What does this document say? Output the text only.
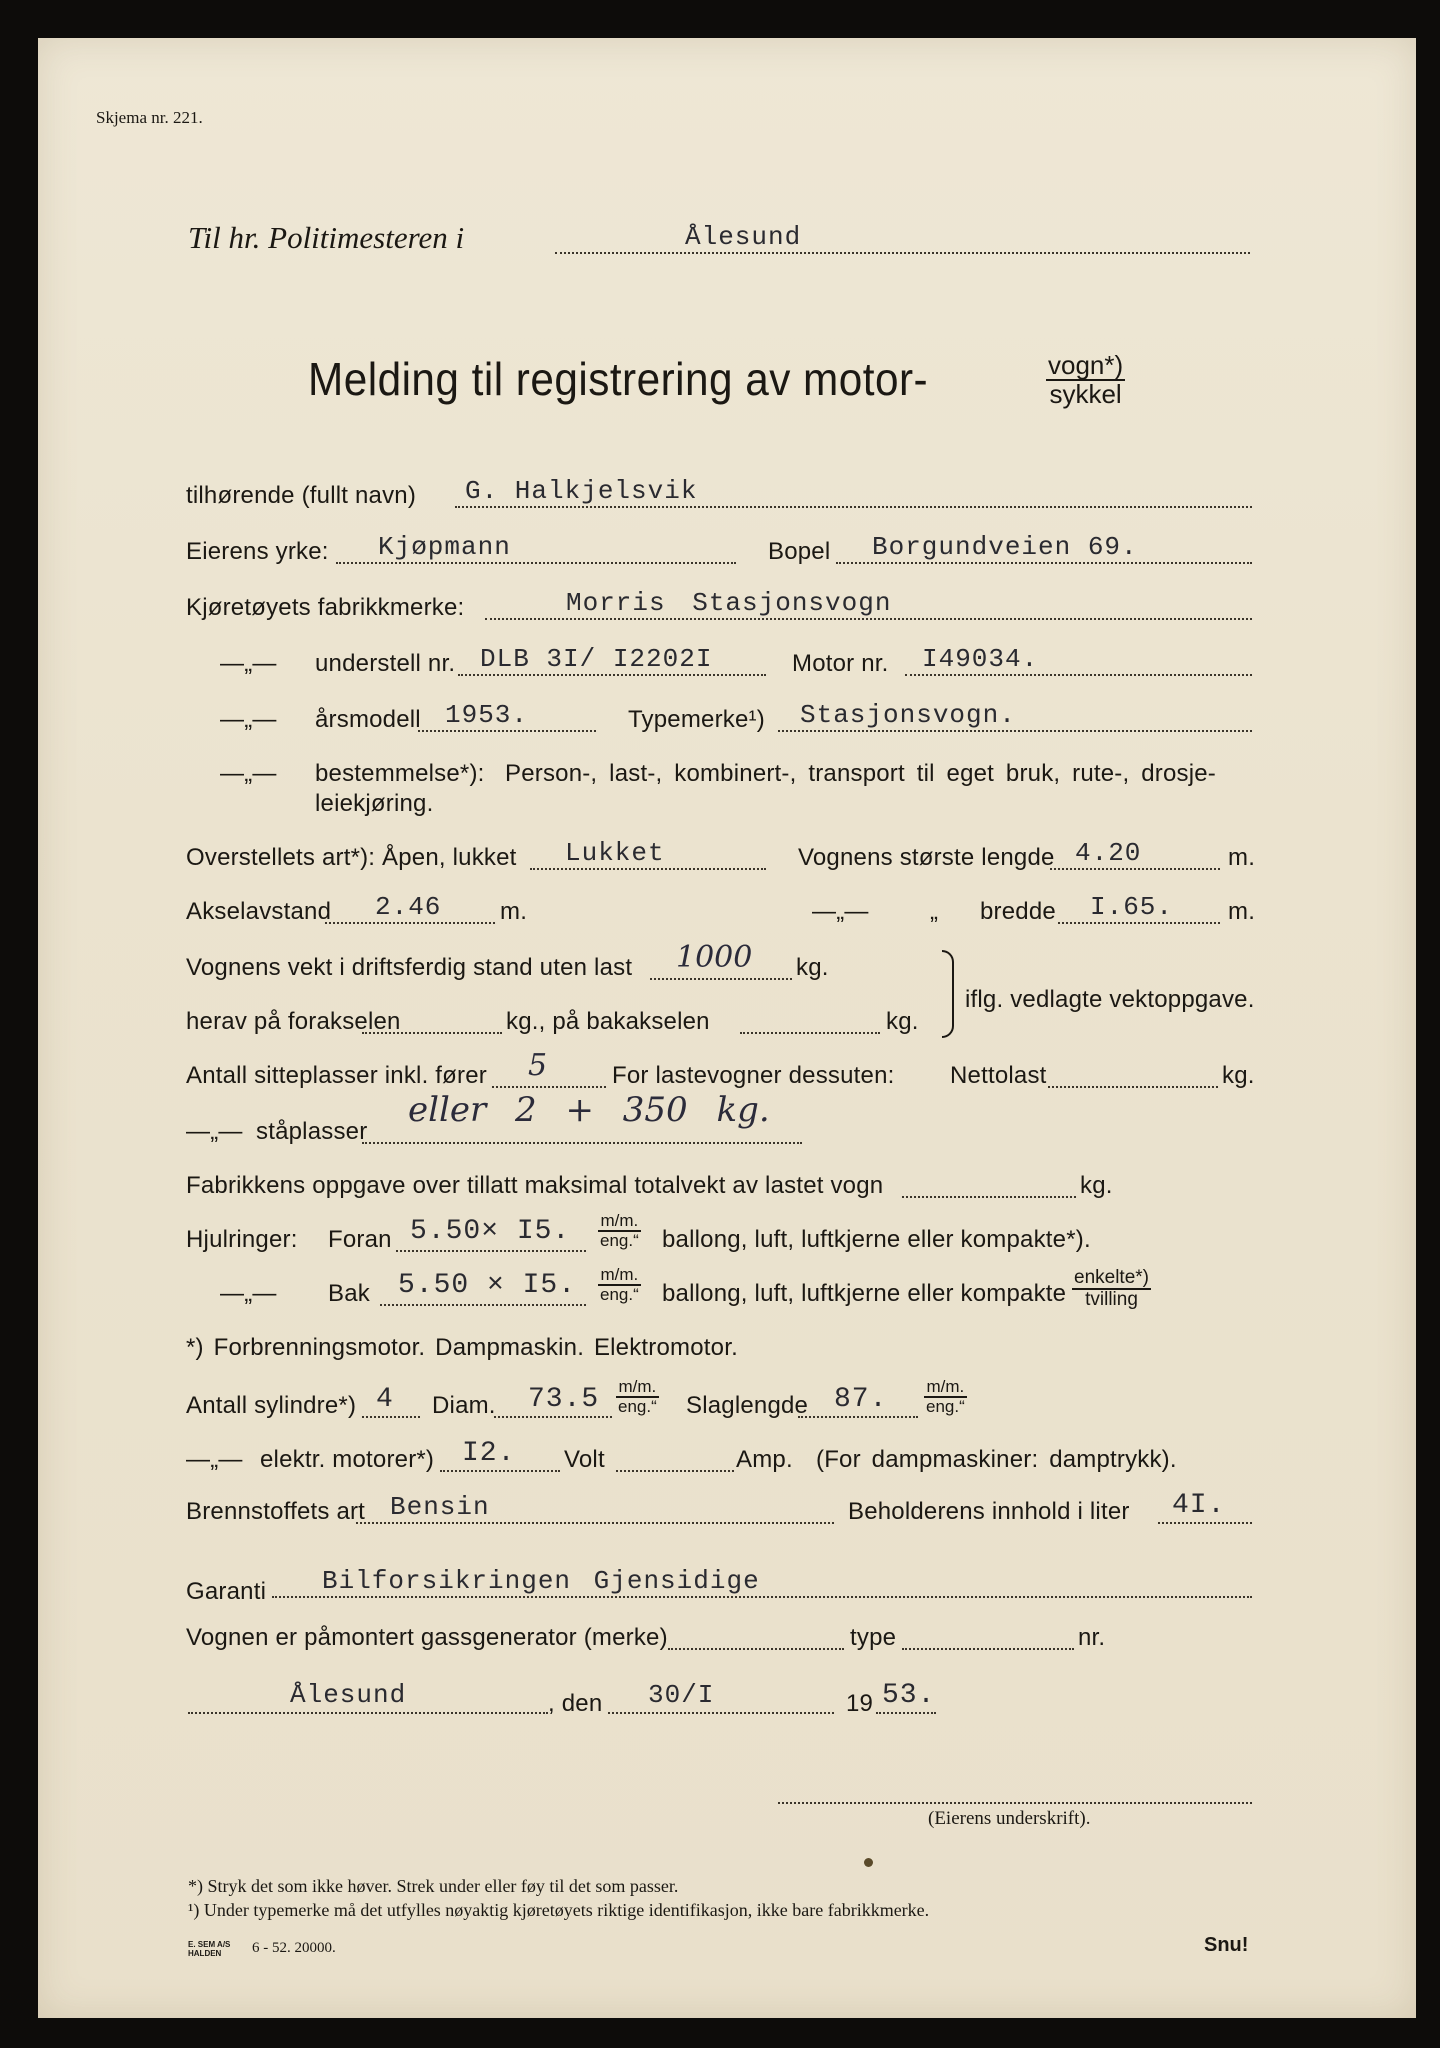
Skjema nr. 221.
Til hr. Politimesteren i	Ålesund
Melding til registrering av motor-	vogn*)
sykkel
tilhørende (fullt navn) G. Halkjelsvik
Eierens yrke: Kjøpmann	Bopel Borgundveien 69.
Kjøretøyets fabrikkmerke:	Morris Stasjonsvogn
—„— understell nr. DLB 3I/ I2202I	Motor nr. I49034.
—„— årsmodell 1953.	Typemerke¹) Stasjonsvogn.
—„— bestemmelse*): Person-, last-, kombinert-, transport til eget bruk, rute-, drosje-
leiekjøring.
Overstellets art*): Åpen, lukket Lukket	Vognens største lengde 4.20	m.
Akselavstand 2.46 m.	—„—	„ bredde I.65. m.
Vognens vekt i driftsferdig stand uten last 1000 kg.
herav på forakselen	kg., på bakakselen	kg.
iflg. vedlagte vektoppgave.
Antall sitteplasser inkl. fører 5	For lastevogner dessuten: Nettolast	kg.
—„— ståplasser
eller 2 + 350 kg.
Fabrikkens oppgave over tillatt maksimal totalvekt av lastet vogn	kg.
Hjulringer: Foran 5.50× I5. m/m.
eng.“ ballong, luft, luftkjerne eller kompakte*).
—„— Bak 5.50 × I5. m/m.
eng.“ ballong, luft, luftkjerne eller kompakte
enkelte*)
tvilling
*) Forbrenningsmotor. Dampmaskin. Elektromotor.
Antall sylindre*) 4 Diam. 73.5 m/m.
eng.“ Slaglengde 87. m/m.
eng.“
—„— elektr. motorer*) I2. Volt	Amp. (For dampmaskiner: damptrykk).
Brennstoffets art Bensin	Beholderens innhold i liter 4I.
Garanti Bilforsikringen Gjensidige
Vognen er påmontert gassgenerator (merke)	type	nr.
Ålesund	, den 30/I	19 53.
(Eierens underskrift).
*) Stryk det som ikke høver. Strek under eller føy til det som passer.
¹) Under typemerke må det utfylles nøyaktig kjøretøyets riktige identifikasjon, ikke bare fabrikkmerke.
E. SEM A/S
HALDEN	6 - 52. 20000.	Snu!
